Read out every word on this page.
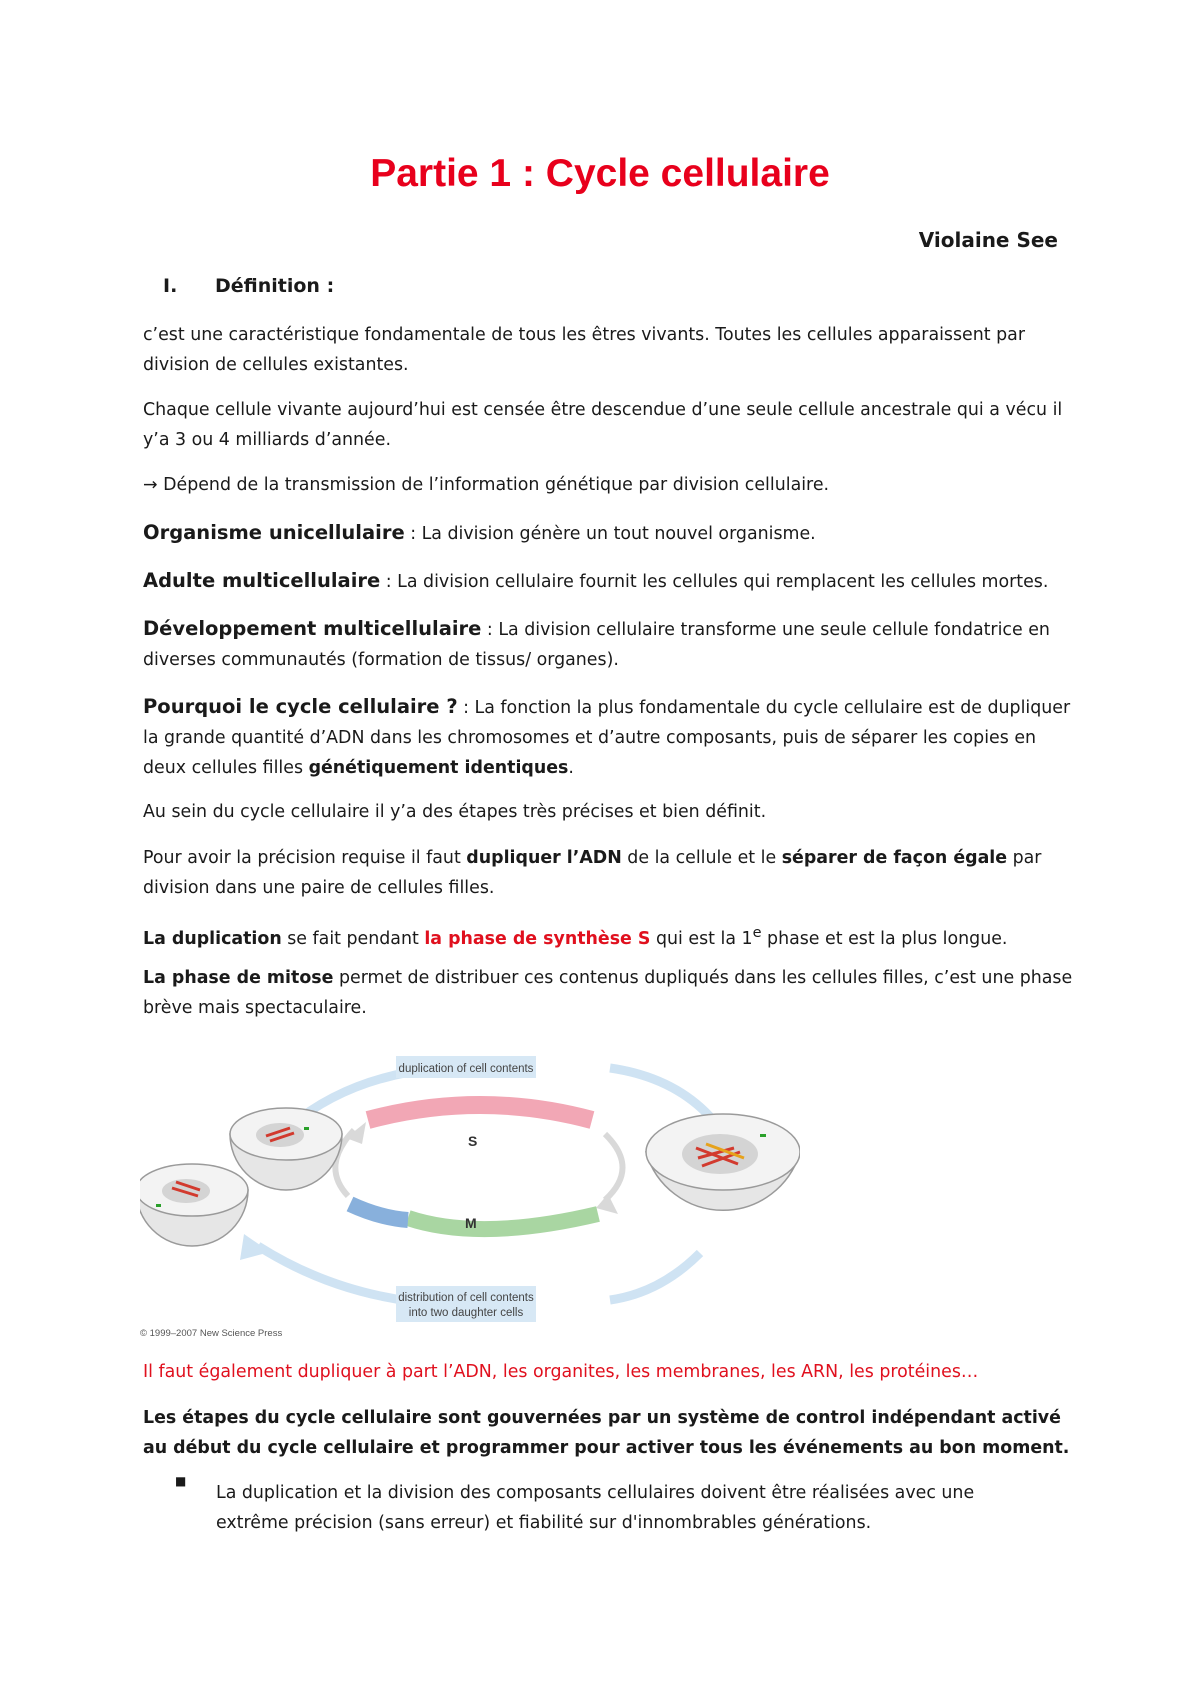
Partie 1 : Cycle cellulaire
Violaine See
I. Définition :

c’est une caractéristique fondamentale de tous les êtres vivants. Toutes les cellules apparaissent par division de cellules existantes.

Chaque cellule vivante aujourd’hui est censée être descendue d’une seule cellule ancestrale qui a vécu il y’a 3 ou 4 milliards d’année.

→ Dépend de la transmission de l’information génétique par division cellulaire.

Organisme unicellulaire : La division génère un tout nouvel organisme.

Adulte multicellulaire : La division cellulaire fournit les cellules qui remplacent les cellules mortes.

Développement multicellulaire : La division cellulaire transforme une seule cellule fondatrice en diverses communautés (formation de tissus/ organes).

Pourquoi le cycle cellulaire ? : La fonction la plus fondamentale du cycle cellulaire est de dupliquer la grande quantité d’ADN dans les chromosomes et d’autre composants, puis de séparer les copies en deux cellules filles génétiquement identiques.

Au sein du cycle cellulaire il y’a des étapes très précises et bien définit.

Pour avoir la précision requise il faut dupliquer l’ADN de la cellule et le séparer de façon égale par division dans une paire de cellules filles.

La duplication se fait pendant la phase de synthèse S qui est la 1e phase et est la plus longue.

La phase de mitose permet de distribuer ces contenus dupliqués dans les cellules filles, c’est une phase brève mais spectaculaire.

S
M
duplication of cell contents
distribution of cell contents
into two daughter cells
© 1999–2007 New Science Press

Il faut également dupliquer à part l’ADN, les organites, les membranes, les ARN, les protéines…

Les étapes du cycle cellulaire sont gouvernées par un système de control indépendant activé au début du cycle cellulaire et programmer pour activer tous les événements au bon moment.

■

La duplication et la division des composants cellulaires doivent être réalisées avec une extrême précision (sans erreur) et fiabilité sur d'innombrables générations.
